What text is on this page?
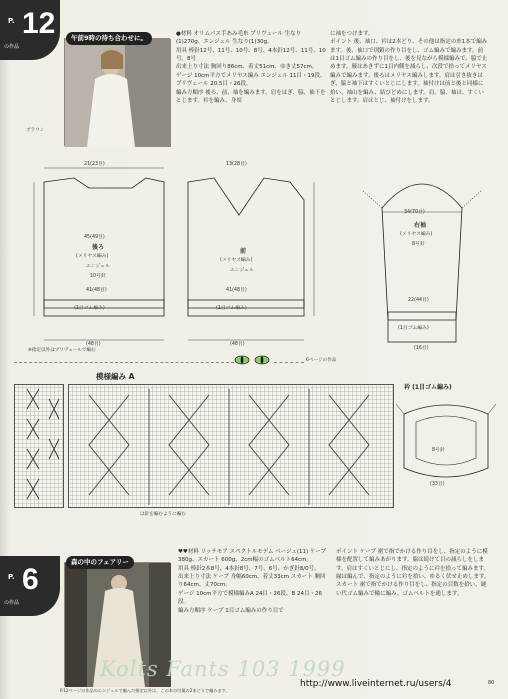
P. 12
の作品
午前9時の待ち合わせに。
ブラウン
●材料 オリムパス手あみ毛糸 プリヴェール 生なり(1)270g、エンジェル 生なり(1)30g。
用具 棒針12号、11号、10号、8号、4本針12号、11号、10号、8号
出来上り寸法 胸回り86cm、着丈51cm、ゆき丈57cm。
ゲージ 10cm平方でメリヤス編み エンジェル 11目・19段、プリヴェール 20.5目・26段。
編み方順序 後ろ、前、袖を編みます。肩をはぎ、脇、袖下をとじます。衿を編み、身頃
に袖をつけます。
ポイント 後、袖口、衿は2本どり、その他は指定の糸1本で編みます。後、袖口で別鎖の作り目をし、ゴム編みで編みます。前は1目ゴム編みの作り目をし、後を見ながら模様編みで、脇で止めます。腋はあきずに1目内側を減らし、次段で拾ってメリヤス編みで編みます。後ろはメリヤス編みします。肩は引き抜きはぎ、脇と袖下はすくいとじにします。袖付けは前と後と同様に拾い、袖山を編み、結びどめにします。肩、脇、袖は、すくいとじします。肩はとじ、袖付けをします。
21(23目)	13(28目)
45(49目)
後ろ
(メリヤス編み)
エンジェル
10号針
41(48目)
(1目ゴム編み)
(48目)
前
(メリヤス編み)
エンジェル
41(48目)
(1目ゴム編み)
(48目)
※指定以外はプリヴェールで編む
34(70目)
右袖
(メリヤス編み)
8号針
22(44目)
(1目ゴム編み)
(16目)
6ページの作品
模様編み A
は針を編むように編む
衿 (1目ゴム編み)
8号針
(33目)
P. 6
の作品
森の中のフェアリー
♥♥材料 リッチモア スペクトルモデム ベージュ(11) ケープ 380g、スカート 600g、2cm幅のゴムベルト64cm。
用具 棒針2本8号、4本針8号、7号、6号、かぎ針8/0号。
出来上り寸法 ケープ 身幅60cm、着丈33cm スカート 胴回り64cm、丈70cm。
ゲージ 10cm平方で模様編みA 24目・26段、B 24目・26段。
編み方順序 ケープ 1目ゴム編みの作り目で
ポイント ケープ 裾で指でかける作り目をし、指定のように模様を配置して編みあがります。脇は続けて目の減らしをします。肩はすくいとじにし、指定のように衿を拾って編みます。縁は編んで、指定のように衿を拾い、ゆるく伏せ止めします。
スカート 裾で指でかける作り目をし、指定の目数を拾い、縫い代ゴム編みで輪に編み、ゴムベルトを通します。
Kolts Fants 103 1999
P.12ページの作品のエンジェルで編んだ指定以外は、この本の付属の2本どりで編みます。
http://www.liveinternet.ru/users/4	80
